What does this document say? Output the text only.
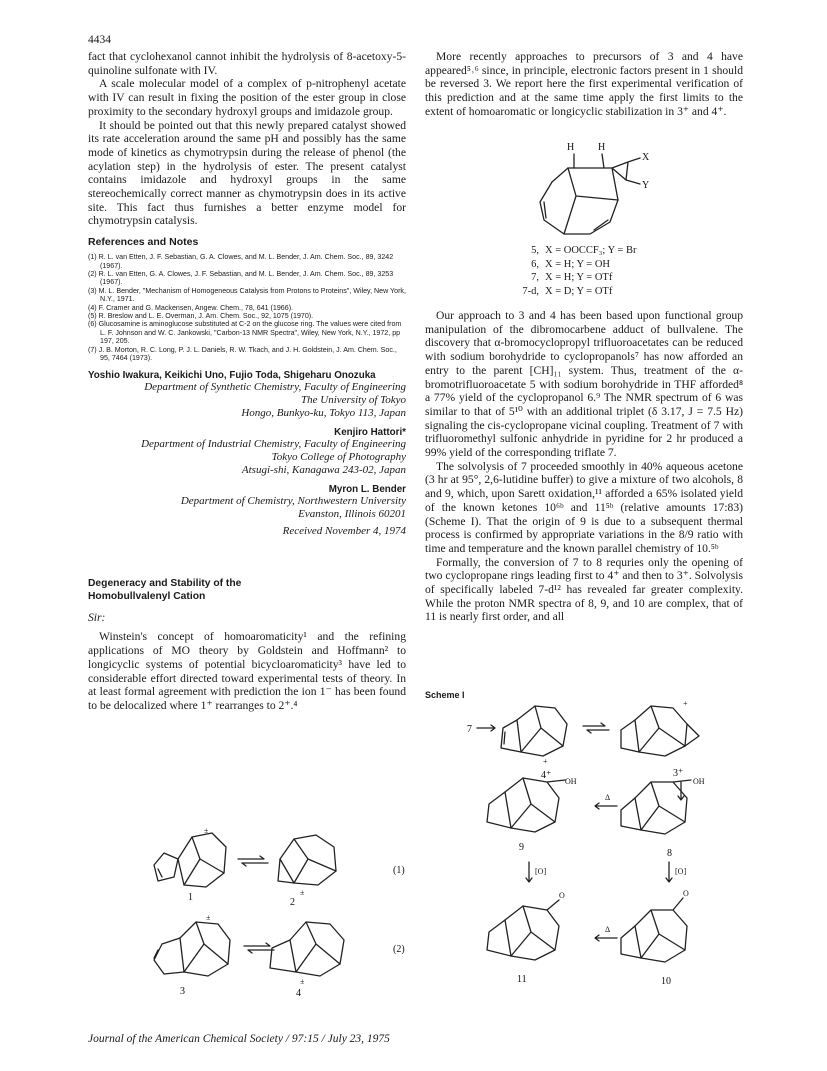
4434

fact that cyclohexanol cannot inhibit the hydrolysis of 8-acetoxy-5-quinoline sulfonate with IV.

A scale molecular model of a complex of p-nitrophenyl acetate with IV can result in fixing the position of the ester group in close proximity to the secondary hydroxyl groups and imidazole group.

It should be pointed out that this newly prepared catalyst showed its rate acceleration around the same pH and possibly has the same mode of kinetics as chymotrypsin during the release of phenol (the acylation step) in the hydrolysis of ester. The present catalyst contains imidazole and hydroxyl groups in the same stereochemically correct manner as chymotrypsin does in its active site. This fact thus furnishes a better enzyme model for chymotrypsin catalysis.

References and Notes
(1) R. L. van Etten, J. F. Sebastian, G. A. Clowes, and M. L. Bender, J. Am. Chem. Soc., 89, 3242 (1967).
(2) R. L. van Etten, G. A. Clowes, J. F. Sebastian, and M. L. Bender, J. Am. Chem. Soc., 89, 3253 (1967).
(3) M. L. Bender, "Mechanism of Homogeneous Catalysis from Protons to Proteins", Wiley, New York, N.Y., 1971.
(4) F. Cramer and G. Mackensen, Angew. Chem., 78, 641 (1966).
(5) R. Breslow and L. E. Overman, J. Am. Chem. Soc., 92, 1075 (1970).
(6) Glucosamine is aminoglucose substituted at C-2 on the glucose ring. The values were cited from L. F. Johnson and W. C. Jankowski, "Carbon-13 NMR Spectra", Wiley, New York, N.Y., 1972, pp 197, 205.
(7) J. B. Morton, R. C. Long, P. J. L. Daniels, R. W. Tkach, and J. H. Goldstein, J. Am. Chem. Soc., 95, 7464 (1973).
Yoshio Iwakura, Keikichi Uno, Fujio Toda, Shigeharu Onozuka
Department of Synthetic Chemistry, Faculty of Engineering
The University of Tokyo
Hongo, Bunkyo-ku, Tokyo 113, Japan
Kenjiro Hattori*
Department of Industrial Chemistry, Faculty of Engineering
Tokyo College of Photography
Atsugi-shi, Kanagawa 243-02, Japan
Myron L. Bender
Department of Chemistry, Northwestern University
Evanston, Illinois 60201
Received November 4, 1974
Degeneracy and Stability of the
Homobullvalenyl Cation
Sir:

Winstein's concept of homoaromaticity¹ and the refining applications of MO theory by Goldstein and Hoffmann² to longicyclic systems of potential bicycloaromaticity³ have led to considerable effort directed toward experimental tests of theory. In at least formal agreement with prediction the ion 1⁻ has been found to be delocalized where 1⁺ rearranges to 2⁺.⁴

±
1	±
2
(1)
±
3
±
4
(2)

More recently approaches to precursors of 3 and 4 have appeared⁵˒⁶ since, in principle, electronic factors present in 1 should be reversed 3. We report here the first experimental verification of this prediction and at the same time apply the first limits to the extent of homoaromatic or longicyclic stabilization in 3⁺ and 4⁺.

H H
X
Y
5, X = OOCCF₃; Y = Br
6, X = H; Y = OH
7, X = H; Y = OTf
7-d, X = D; Y = OTf

Our approach to 3 and 4 has been based upon functional group manipulation of the dibromocarbene adduct of bullvalene. The discovery that α-bromocyclopropyl trifluoroacetates can be reduced with sodium borohydride to cyclopropanols⁷ has now afforded an entry to the parent [CH]₁₁ system. Thus, treatment of the α-bromotrifluoroacetate 5 with sodium borohydride in THF afforded⁸ a 77% yield of the cyclopropanol 6.⁹ The NMR spectrum of 6 was similar to that of 5¹⁰ with an additional triplet (δ 3.17, J = 7.5 Hz) signaling the cis-cyclopropane vicinal coupling. Treatment of 7 with trifluoromethyl sulfonic anhydride in pyridine for 2 hr produced a 99% yield of the corresponding triflate 7.

The solvolysis of 7 proceeded smoothly in 40% aqueous acetone (3 hr at 95°, 2,6-lutidine buffer) to give a mixture of two alcohols, 8 and 9, which, upon Sarett oxidation,¹¹ afforded a 65% isolated yield of the known ketones 10⁶ᵇ and 11⁵ᵇ (relative amounts 17:83) (Scheme I). That the origin of 9 is due to a subsequent thermal process is confirmed by appropriate variations in the 8/9 ratio with time and temperature and the known parallel chemistry of 10.⁵ᵇ

Formally, the conversion of 7 to 8 requries only the opening of two cyclopropane rings leading first to 4⁺ and then to 3⁺. Solvolysis of specifically labeled 7-d¹² has revealed far greater complexity. While the proton NMR spectra of 8, 9, and 10 are complex, that of 11 is nearly first order, and all

Scheme I
7
+
4⁺
+
3⁺
OH
9
Δ
OH
8
[O]	[O]
O
11
Δ
O
10
Journal of the American Chemical Society / 97:15 / July 23, 1975
